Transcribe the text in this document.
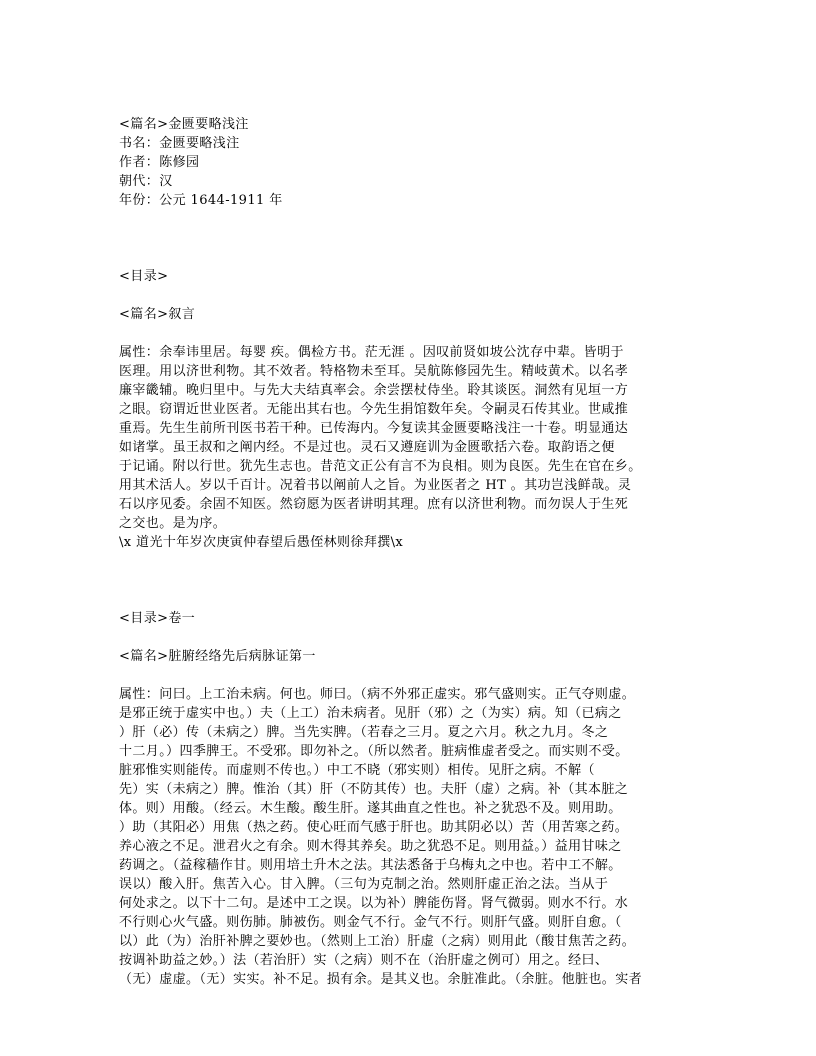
<篇名>金匮要略浅注
书名：金匮要略浅注
作者：陈修园
朝代：汉
年份：公元 1644-1911 年
<目录>
<篇名>叙言
属性：余奉讳里居。每婴 疾。偶检方书。茫无涯 。因叹前贤如坡公沈存中辈。皆明于
医理。用以济世利物。其不效者。特格物未至耳。吴航陈修园先生。精岐黄术。以名孝
廉宰畿辅。晚归里中。与先大夫结真率会。余尝摆杖侍坐。聆其谈医。洞然有见垣一方
之眼。窃谓近世业医者。无能出其右也。今先生捐馆数年矣。令嗣灵石传其业。世咸推
重焉。先生生前所刊医书若干种。已传海内。今复读其金匮要略浅注一十卷。明显通达
如诸掌。虽王叔和之阐内经。不是过也。灵石又遵庭训为金匮歌括六卷。取韵语之便
于记诵。附以行世。犹先生志也。昔范文正公有言不为良相。则为良医。先生在官在乡。
用其术活人。岁以千百计。况着书以阐前人之旨。为业医者之 HT 。其功岂浅鲜哉。灵
石以序见委。余固不知医。然窃愿为医者讲明其理。庶有以济世利物。而勿误人于生死
之交也。是为序。
\x 道光十年岁次庚寅仲春望后愚侄林则徐拜撰\x
<目录>卷一
<篇名>脏腑经络先后病脉证第一
属性：问曰。上工治未病。何也。师曰。（病不外邪正虚实。邪气盛则实。正气夺则虚。
是邪正统于虚实中也。）夫（上工）治未病者。见肝（邪）之（为实）病。知（已病之
）肝（必）传（未病之）脾。当先实脾。（若春之三月。夏之六月。秋之九月。冬之
十二月。）四季脾王。不受邪。即勿补之。（所以然者。脏病惟虚者受之。而实则不受。
脏邪惟实则能传。而虚则不传也。）中工不晓（邪实则）相传。见肝之病。不解（
先）实（未病之）脾。惟治（其）肝（不防其传）也。夫肝（虚）之病。补（其本脏之
体。则）用酸。（经云。木生酸。酸生肝。遂其曲直之性也。补之犹恐不及。则用助。
）助（其阳必）用焦（热之药。使心旺而气感于肝也。助其阴必以）苦（用苦寒之药。
养心液之不足。泄君火之有余。则木得其养矣。助之犹恐不足。则用益。）益用甘味之
药调之。（益稼穑作甘。则用培土升木之法。其法悉备于乌梅丸之中也。若中工不解。
误以）酸入肝。焦苦入心。甘入脾。（三句为克制之治。然则肝虚正治之法。当从于
何处求之。以下十二句。是述中工之误。以为补）脾能伤肾。肾气微弱。则水不行。水
不行则心火气盛。则伤肺。肺被伤。则金气不行。金气不行。则肝气盛。则肝自愈。（
以）此（为）治肝补脾之要妙也。（然则上工治）肝虚（之病）则用此（酸甘焦苦之药。
按调补助益之妙。）法（若治肝）实（之病）则不在（治肝虚之例可）用之。经曰、
（无）虚虚。（无）实实。补不足。损有余。是其义也。余脏准此。（余脏。他脏也。实者
